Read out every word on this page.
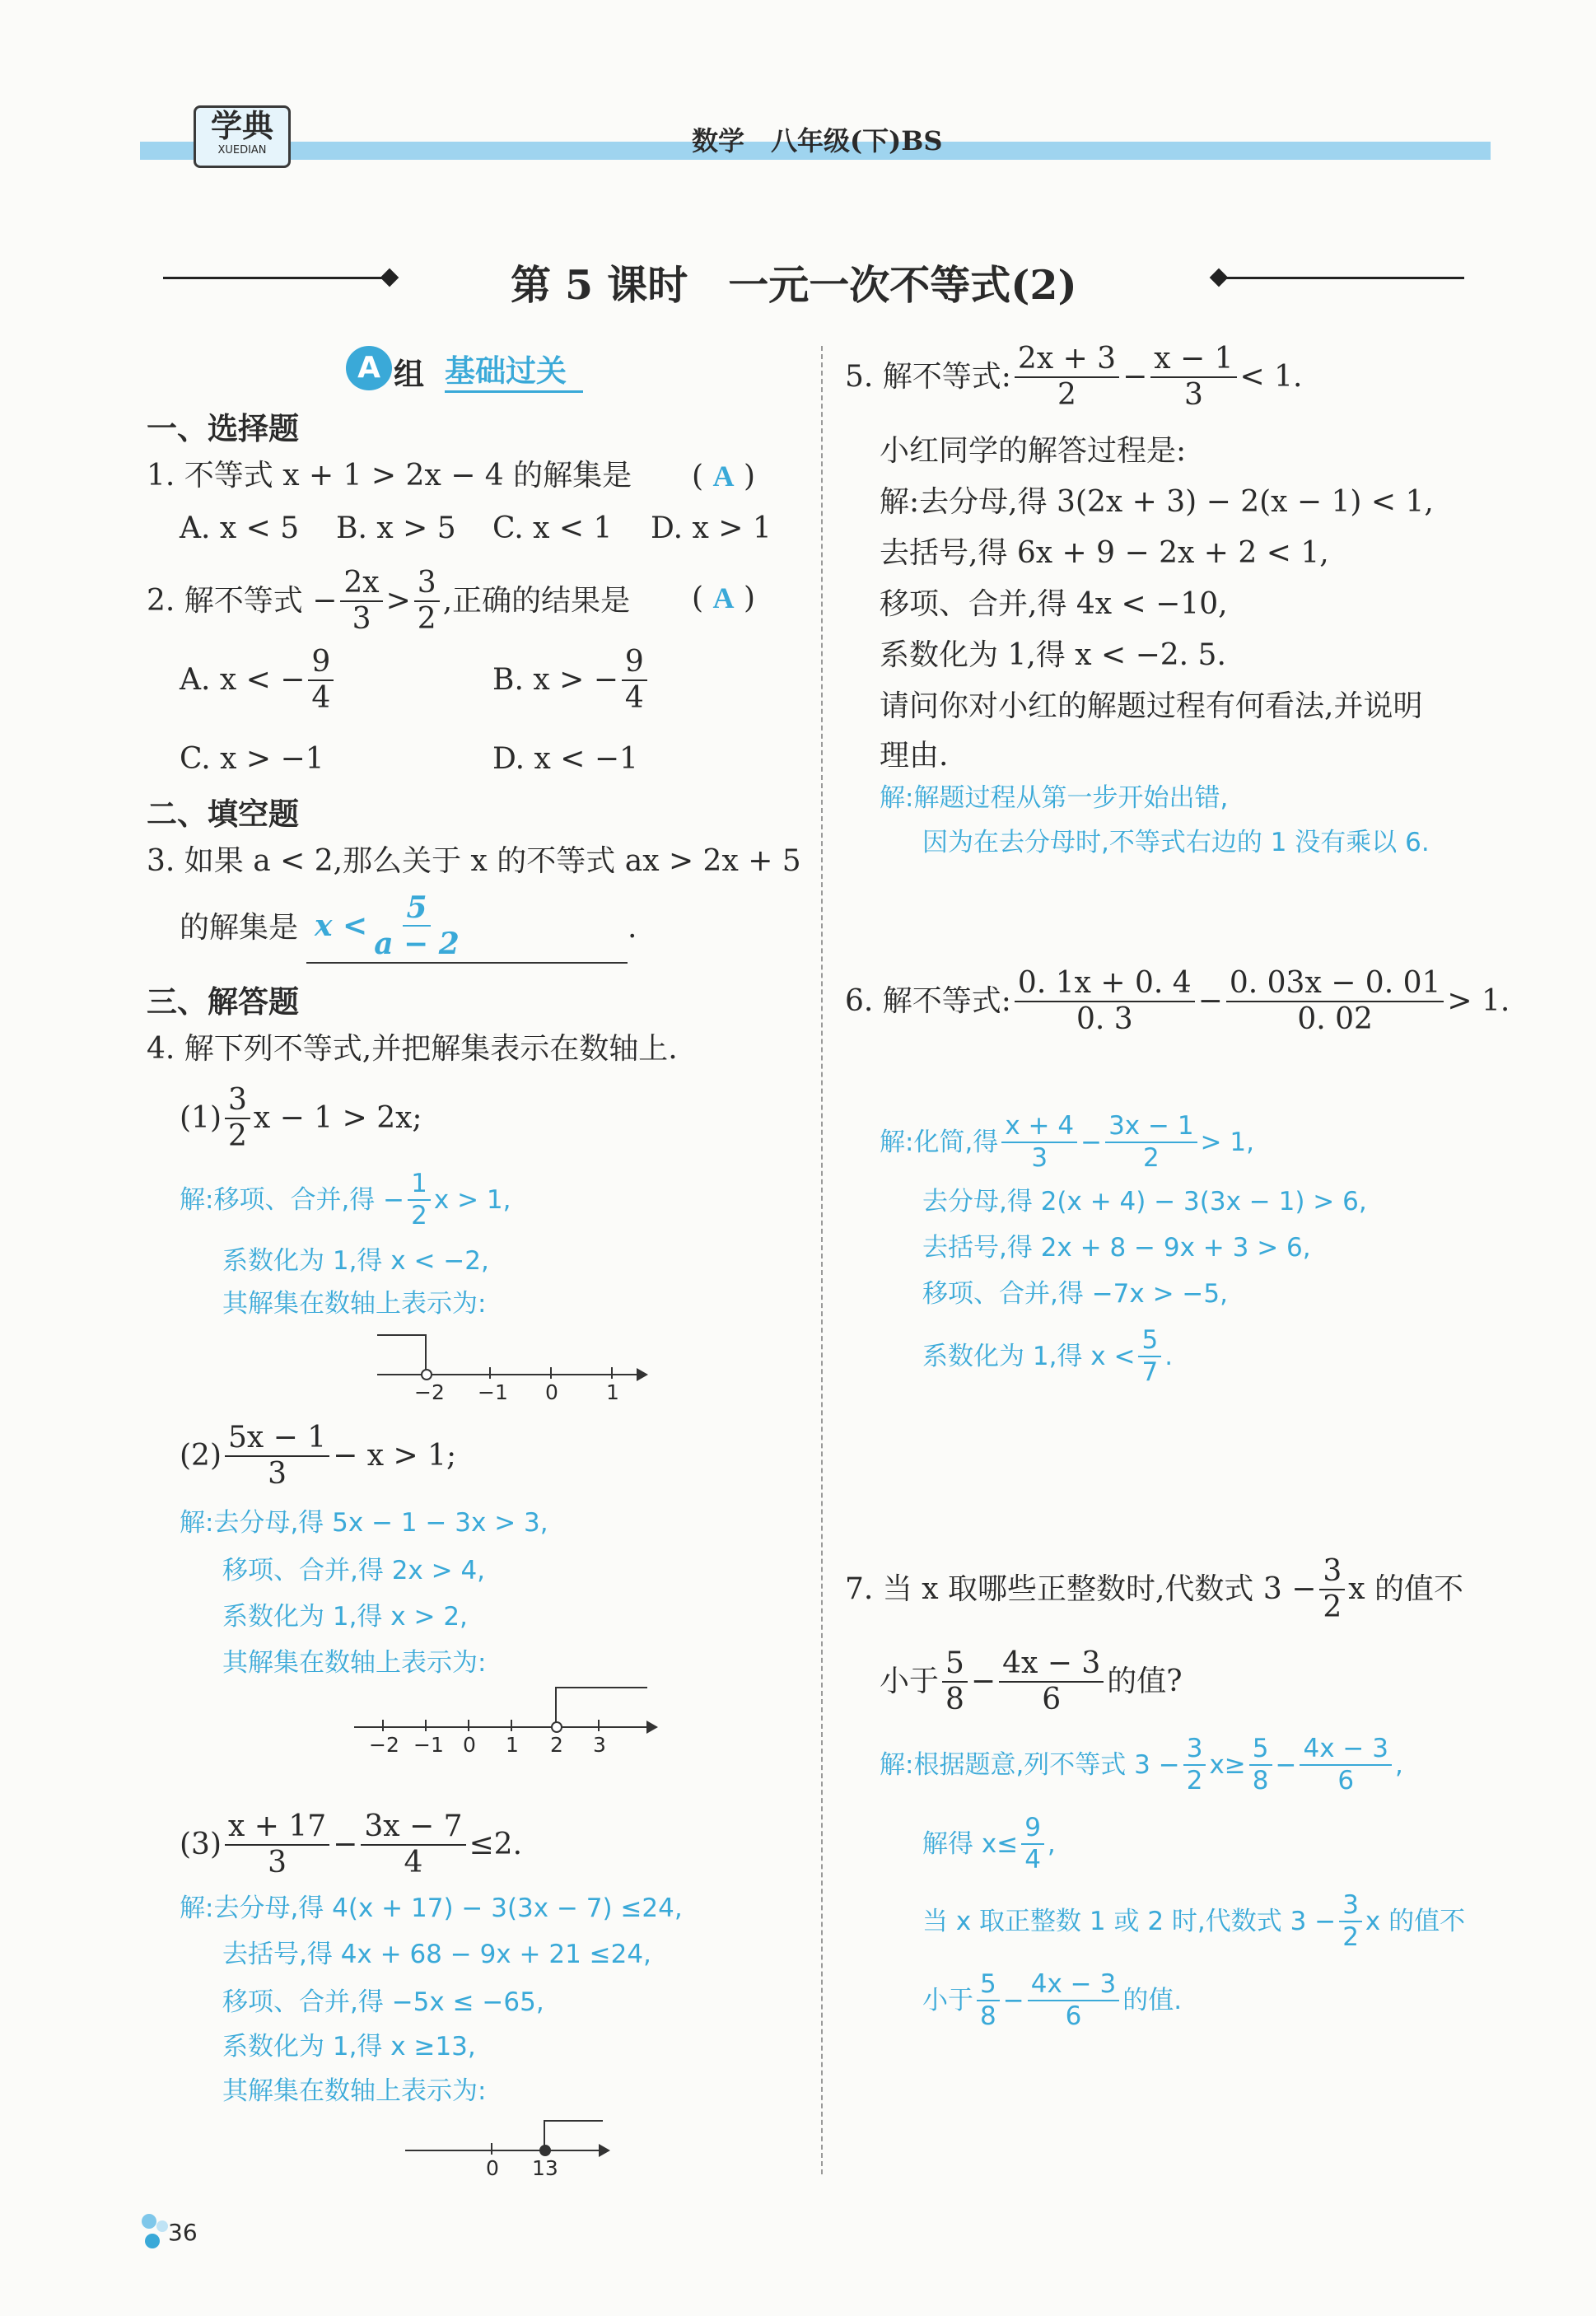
学典
XUEDIAN	数学　八年级(下)BS
第 5 课时　一元一次不等式(2)
A 组 基础过关
一、选择题
1. 不等式 x + 1 > 2x − 4 的解集是 ( A )
A. x < 5 B. x > 5 C. x < 1 D. x > 1
2. 解不等式 − $\frac{2x}{3} > \frac{3}{2}$ ,正确的结果是 ( A )
A. x < − $\frac{9}{4}$	B. x > − $\frac{9}{4}$
C. x > −1	D. x < −1
二、填空题
3. 如果 a < 2,那么关于 x 的不等式 ax > 2x + 5
的解集是 $x < \frac{5}{a - 2}$	.
三、解答题
4. 解下列不等式,并把解集表示在数轴上.
$(1) \frac{3}{2}$ x − 1 > 2x;
解:移项、合并,得 − $\frac{1}{2}$ x > 1,
系数化为 1,得 x < −2,
其解集在数轴上表示为:
−2 −1 0 1
$(2) \frac{5x - 1}{3} - x > 1$;
解:去分母,得 5x − 1 − 3x > 3,
移项、合并,得 2x > 4,
系数化为 1,得 x > 2,
其解集在数轴上表示为:
−2 −1 0 1 2 3
$(3) \frac{x + 17}{3} - \frac{3x - 7}{4} \le 2$.
解:去分母,得 4(x + 17) − 3(3x − 7) ≤24,
去括号,得 4x + 68 − 9x + 21 ≤24,
移项、合并,得 −5x ≤ −65,
系数化为 1,得 x ≥13,
其解集在数轴上表示为:
0 13
5. 解不等式: $\frac{2x + 3}{2} - \frac{x - 1}{3} < 1$.
小红同学的解答过程是:
解:去分母,得 3(2x + 3) − 2(x − 1) < 1,
去括号,得 6x + 9 − 2x + 2 < 1,
移项、合并,得 4x < −10,
系数化为 1,得 x < −2. 5.
请问你对小红的解题过程有何看法,并说明
理由.
解:解题过程从第一步开始出错,
因为在去分母时,不等式右边的 1 没有乘以 6.
6. 解不等式: $\frac{0. 1x + 0. 4}{0. 3} - \frac{0. 03x - 0. 01}{0. 02} > 1$.
解:化简,得 $\frac{x + 4}{3} - \frac{3x - 1}{2} > 1$,
去分母,得 2(x + 4) − 3(3x − 1) > 6,
去括号,得 2x + 8 − 9x + 3 > 6,
移项、合并,得 −7x > −5,
系数化为 1,得 $x < \frac{5}{7}$ .
7. 当 x 取哪些正整数时,代数式 $3 - \frac{3}{2}$ x 的值不
小于 $\frac{5}{8} - \frac{4x - 3}{6}$ 的值?
解:根据题意,列不等式 $3 - \frac{3}{2} x\ge \frac{5}{8} - \frac{4x - 3}{6}$ ,
解得 $x\le \frac{9}{4}$ ,
当 x 取正整数 1 或 2 时,代数式 $3 - \frac{3}{2}$ x 的值不
小于 $\frac{5}{8} - \frac{4x - 3}{6}$ 的值.
36
